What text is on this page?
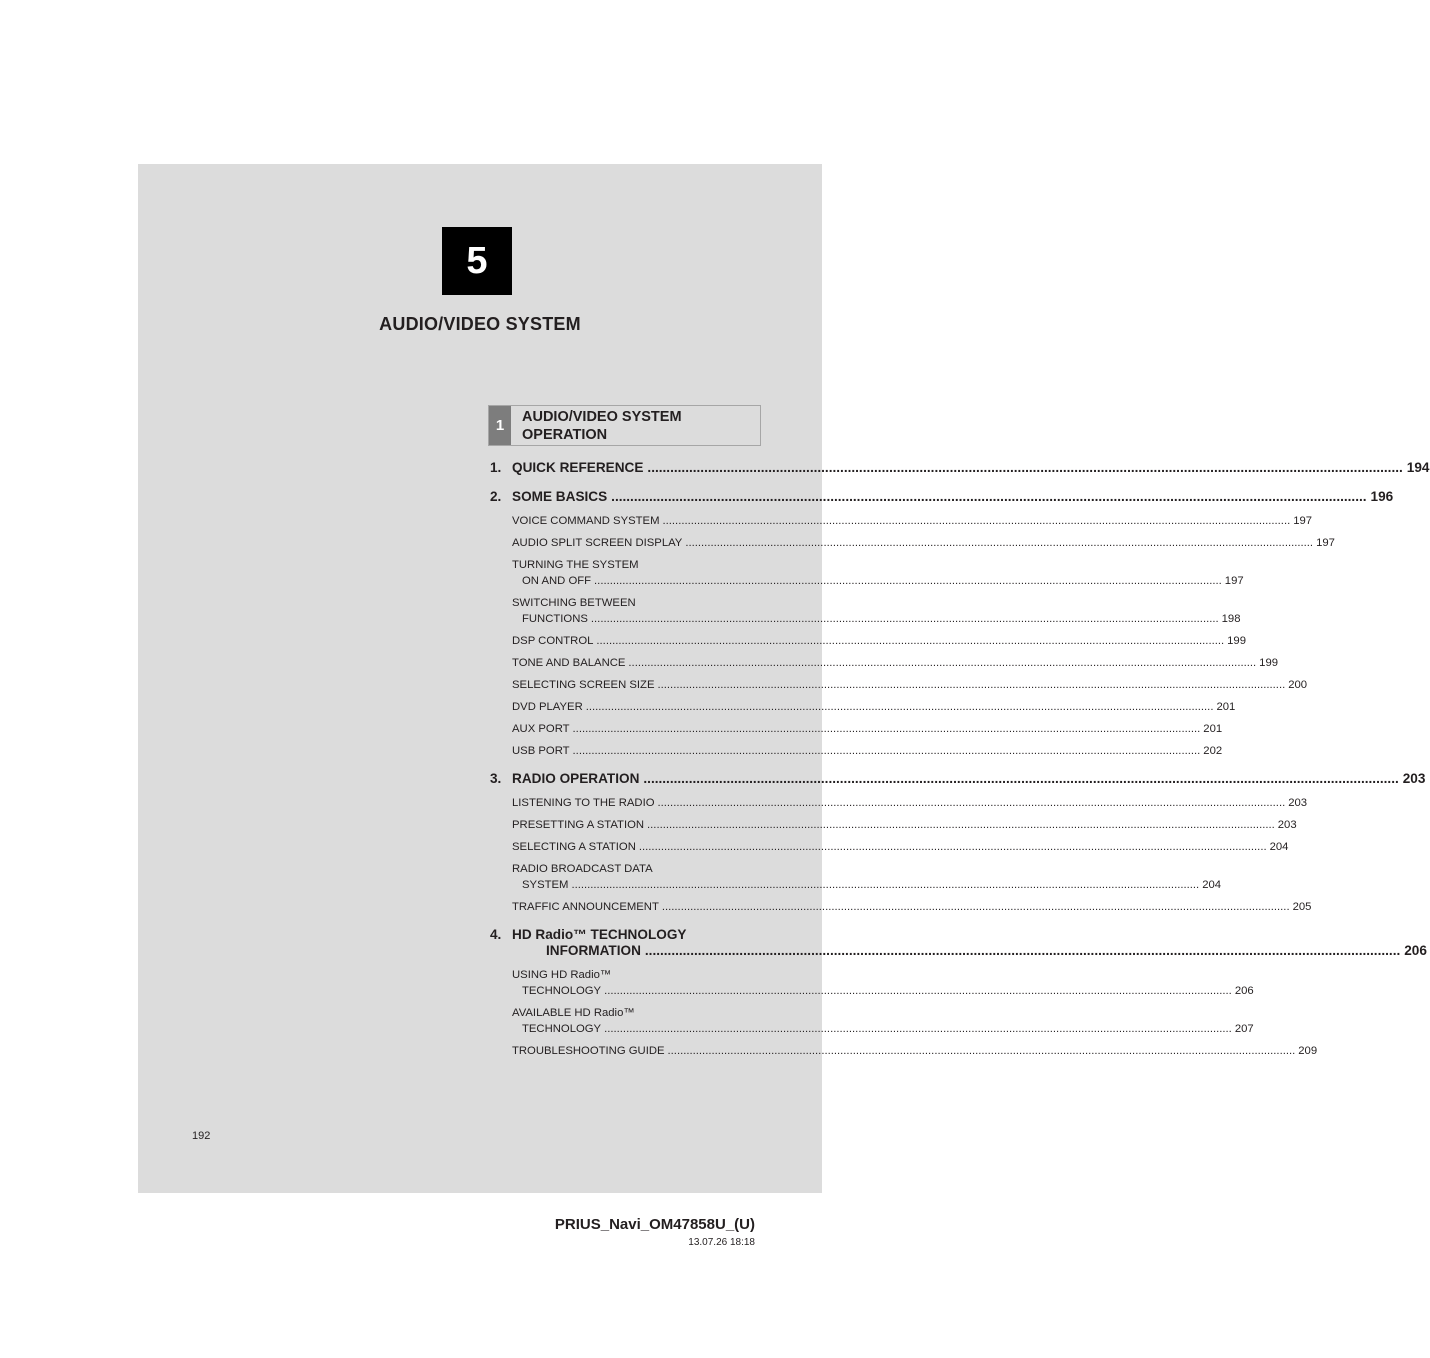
5
AUDIO/VIDEO SYSTEM
1	AUDIO/VIDEO SYSTEM
OPERATION
1. QUICK REFERENCE ........................................................................................................................................................................................................ 194
2. SOME BASICS ........................................................................................................................................................................................................ 196
VOICE COMMAND SYSTEM ........................................................................................................................................................................................................ 197
AUDIO SPLIT SCREEN DISPLAY ........................................................................................................................................................................................................ 197
TURNING THE SYSTEM
ON AND OFF ........................................................................................................................................................................................................ 197
SWITCHING BETWEEN
FUNCTIONS ........................................................................................................................................................................................................ 198
DSP CONTROL ........................................................................................................................................................................................................ 199
TONE AND BALANCE ........................................................................................................................................................................................................ 199
SELECTING SCREEN SIZE ........................................................................................................................................................................................................ 200
DVD PLAYER ........................................................................................................................................................................................................ 201
AUX PORT ........................................................................................................................................................................................................ 201
USB PORT ........................................................................................................................................................................................................ 202
3. RADIO OPERATION ........................................................................................................................................................................................................ 203
LISTENING TO THE RADIO ........................................................................................................................................................................................................ 203
PRESETTING A STATION ........................................................................................................................................................................................................ 203
SELECTING A STATION ........................................................................................................................................................................................................ 204
RADIO BROADCAST DATA
SYSTEM ........................................................................................................................................................................................................ 204
TRAFFIC ANNOUNCEMENT ........................................................................................................................................................................................................ 205
4. HD Radio™ TECHNOLOGY
INFORMATION ........................................................................................................................................................................................................ 206
USING HD Radio™
TECHNOLOGY ........................................................................................................................................................................................................ 206
AVAILABLE HD Radio™
TECHNOLOGY ........................................................................................................................................................................................................ 207
TROUBLESHOOTING GUIDE ........................................................................................................................................................................................................ 209
192
PRIUS_Navi_OM47858U_(U)
13.07.26 18:18
